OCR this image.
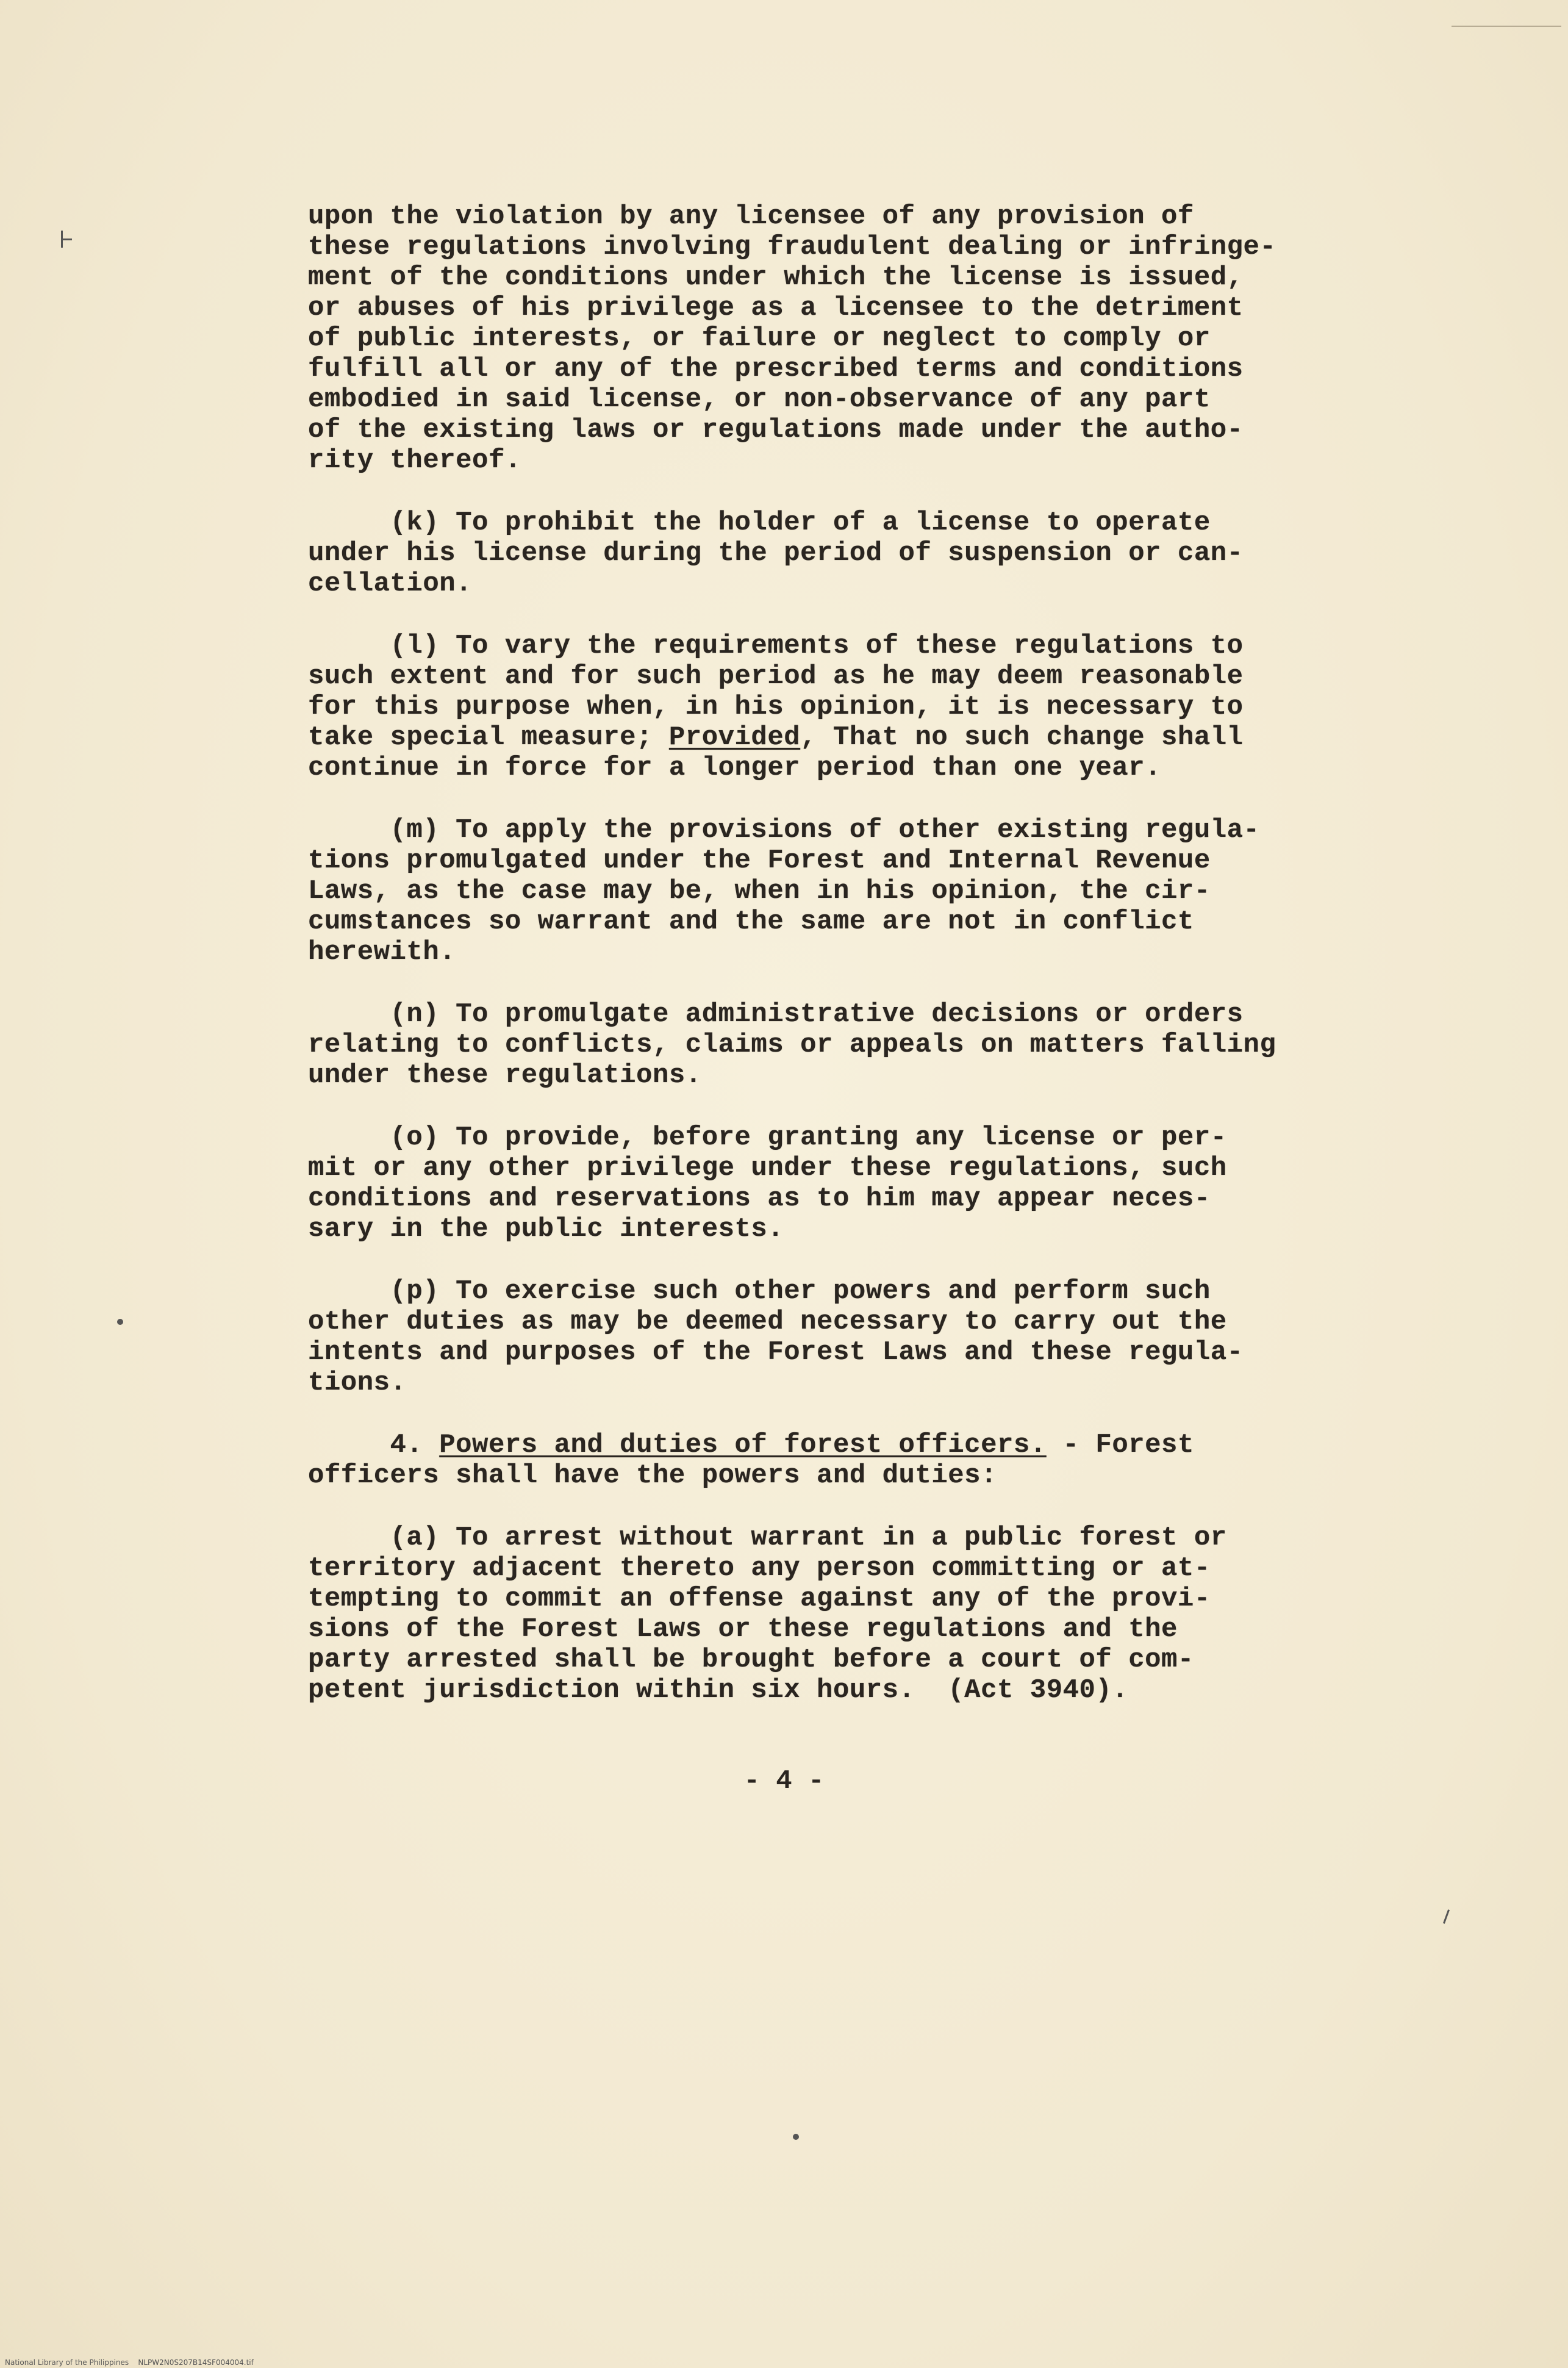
upon the violation by any licensee of any provision of
these regulations involving fraudulent dealing or infringe-
ment of the conditions under which the license is issued,
or abuses of his privilege as a licensee to the detriment
of public interests, or failure or neglect to comply or
fulfill all or any of the prescribed terms and conditions
embodied in said license, or non-observance of any part
of the existing laws or regulations made under the autho-
rity thereof.
(k) To prohibit the holder of a license to operate
under his license during the period of suspension or can-
cellation.
(l) To vary the requirements of these regulations to
such extent and for such period as he may deem reasonable
for this purpose when, in his opinion, it is necessary to
take special measure; Provided, That no such change shall
continue in force for a longer period than one year.
(m) To apply the provisions of other existing regula-
tions promulgated under the Forest and Internal Revenue
Laws, as the case may be, when in his opinion, the cir-
cumstances so warrant and the same are not in conflict
herewith.
(n) To promulgate administrative decisions or orders
relating to conflicts, claims or appeals on matters falling
under these regulations.
(o) To provide, before granting any license or per-
mit or any other privilege under these regulations, such
conditions and reservations as to him may appear neces-
sary in the public interests.
(p) To exercise such other powers and perform such
other duties as may be deemed necessary to carry out the
intents and purposes of the Forest Laws and these regula-
tions.
4. Powers and duties of forest officers. - Forest
officers shall have the powers and duties:
(a) To arrest without warrant in a public forest or
territory adjacent thereto any person committing or at-
tempting to commit an offense against any of the provi-
sions of the Forest Laws or these regulations and the
party arrested shall be brought before a court of com-
petent jurisdiction within six hours.  (Act 3940).
- 4 -
National Library of the Philippines    NLPW2N0S207B14SF004004.tif
